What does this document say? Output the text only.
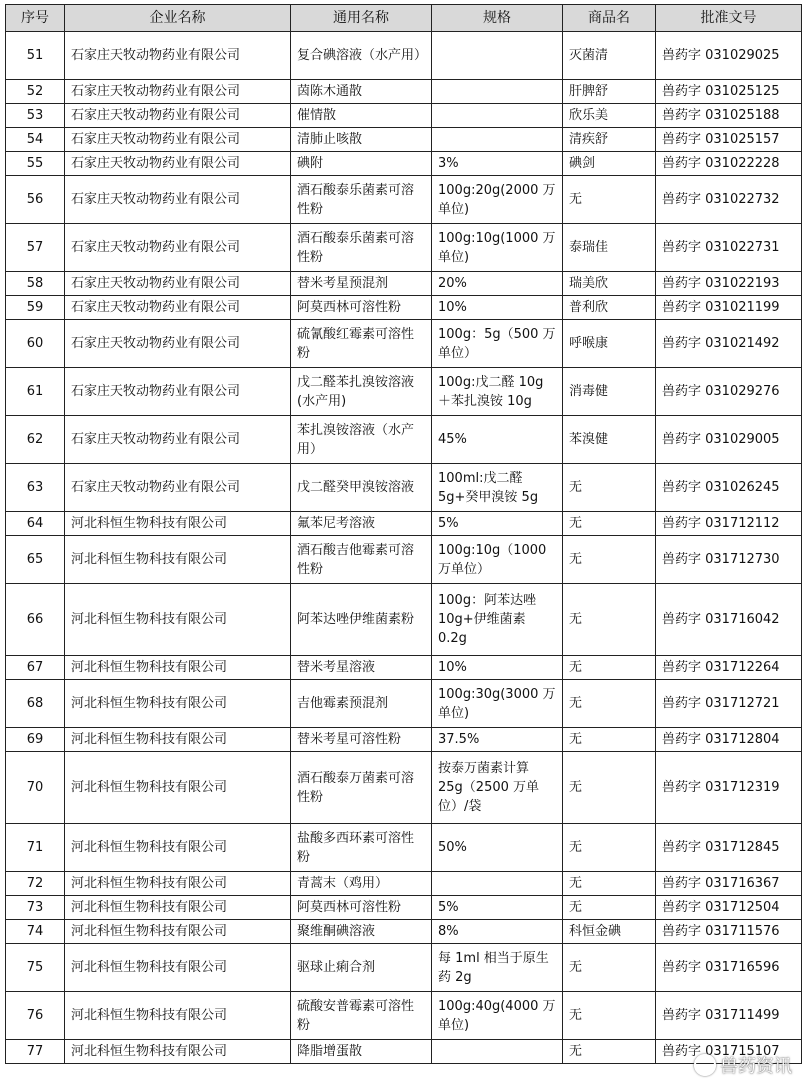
序号	企业名称	通用名称	规格	商品名	批准文号
51	石家庄天牧动物药业有限公司	复合碘溶液（水产用）		灭菌清	兽药字 031029025
52	石家庄天牧动物药业有限公司	茵陈木通散		肝脾舒	兽药字 031025125
53	石家庄天牧动物药业有限公司	催情散		欣乐美	兽药字 031025188
54	石家庄天牧动物药业有限公司	清肺止咳散		清疾舒	兽药字 031025157
55	石家庄天牧动物药业有限公司	碘附	3%	碘剑	兽药字 031022228
56	石家庄天牧动物药业有限公司	酒石酸泰乐菌素可溶性粉	100g:20g(2000 万单位)	无	兽药字 031022732
57	石家庄天牧动物药业有限公司	酒石酸泰乐菌素可溶性粉	100g:10g(1000 万单位)	泰瑞佳	兽药字 031022731
58	石家庄天牧动物药业有限公司	替米考星预混剂	20%	瑞美欣	兽药字 031022193
59	石家庄天牧动物药业有限公司	阿莫西林可溶性粉	10%	普利欣	兽药字 031021199
60	石家庄天牧动物药业有限公司	硫氰酸红霉素可溶性粉	100g：5g（500 万单位）	呼喉康	兽药字 031021492
61	石家庄天牧动物药业有限公司	戊二醛苯扎溴铵溶液(水产用)	100g:戊二醛 10g＋苯扎溴铵 10g	消毒健	兽药字 031029276
62	石家庄天牧动物药业有限公司	苯扎溴铵溶液（水产用）	45%	苯溴健	兽药字 031029005
63	石家庄天牧动物药业有限公司	戊二醛癸甲溴铵溶液	100ml:戊二醛 5g+癸甲溴铵 5g	无	兽药字 031026245
64	河北科恒生物科技有限公司	氟苯尼考溶液	5%	无	兽药字 031712112
65	河北科恒生物科技有限公司	酒石酸吉他霉素可溶性粉	100g:10g（1000 万单位）	无	兽药字 031712730
66	河北科恒生物科技有限公司	阿苯达唑伊维菌素粉	100g：阿苯达唑 10g+伊维菌素 0.2g	无	兽药字 031716042
67	河北科恒生物科技有限公司	替米考星溶液	10%	无	兽药字 031712264
68	河北科恒生物科技有限公司	吉他霉素预混剂	100g:30g(3000 万单位)	无	兽药字 031712721
69	河北科恒生物科技有限公司	替米考星可溶性粉	37.5%	无	兽药字 031712804
70	河北科恒生物科技有限公司	酒石酸泰万菌素可溶性粉	按泰万菌素计算 25g（2500 万单位）/袋	无	兽药字 031712319
71	河北科恒生物科技有限公司	盐酸多西环素可溶性粉	50%	无	兽药字 031712845
72	河北科恒生物科技有限公司	青蒿末（鸡用）		无	兽药字 031716367
73	河北科恒生物科技有限公司	阿莫西林可溶性粉	5%	无	兽药字 031712504
74	河北科恒生物科技有限公司	聚维酮碘溶液	8%	科恒金碘	兽药字 031711576
75	河北科恒生物科技有限公司	驱球止痢合剂	每 1ml 相当于原生药 2g	无	兽药字 031716596
76	河北科恒生物科技有限公司	硫酸安普霉素可溶性粉	100g:40g(4000 万单位)	无	兽药字 031711499
77	河北科恒生物科技有限公司	降脂增蛋散		无	兽药字 031715107
兽药资讯
